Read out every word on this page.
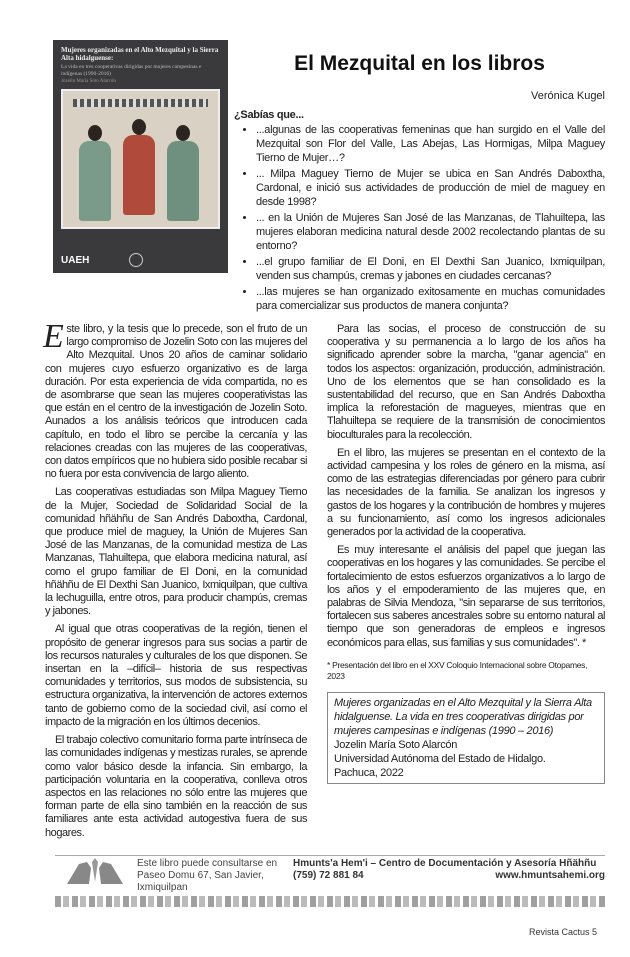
Mujeres organizadas en el Alto Mezquital y la Sierra Alta hidalguense:
La vida en tres cooperativas dirigidas por mujeres campesinas e indígenas (1990-2016)
Jozelin María Soto Alarcón
UAEH
El Mezquital en los libros
Verónica Kugel
¿Sabías que...
• ...algunas de las cooperativas femeninas que han surgido en el Valle del Mezquital son Flor del Valle, Las Abejas, Las Hormigas, Milpa Maguey Tierno de Mujer…?
• ... Milpa Maguey Tierno de Mujer se ubica en San Andrés Daboxtha, Cardonal, e inició sus actividades de producción de miel de maguey en desde 1998?
• ... en la Unión de Mujeres San José de las Manzanas, de Tlahuiltepa, las mujeres elaboran medicina natural desde 2002 recolectando plantas de su entorno?
• ...el grupo familiar de El Doni, en El Dexthi San Juanico, Ixmiquilpan, venden sus champús, cremas y jabones en ciudades cercanas?
• ...las mujeres se han organizado exitosamente en muchas comunidades para comercializar sus productos de manera conjunta?

Este libro, y la tesis que lo precede, son el fruto de un largo compromiso de Jozelin Soto con las mujeres del Alto Mezquital. Unos 20 años de caminar solidario con mujeres cuyo esfuerzo organizativo es de larga duración. Por esta experiencia de vida compartida, no es de asombrarse que sean las mujeres cooperativistas las que están en el centro de la investigación de Jozelin Soto. Aunados a los análisis teóricos que introducen cada capítulo, en todo el libro se percibe la cercanía y las relaciones creadas con las mujeres de las cooperativas, con datos empíricos que no hubiera sido posible recabar si no fuera por esta convivencia de largo aliento.

Las cooperativas estudiadas son Milpa Maguey Tierno de la Mujer, Sociedad de Solidaridad Social de la comunidad hñähñu de San Andrés Daboxtha, Cardonal, que produce miel de maguey, la Unión de Mujeres San José de las Manzanas, de la comunidad mestiza de Las Manzanas, Tlahuiltepa, que elabora medicina natural, así como el grupo familiar de El Doni, en la comunidad hñähñu de El Dexthi San Juanico, Ixmiquilpan, que cultiva la lechuguilla, entre otros, para producir champús, cremas y jabones.

Al igual que otras cooperativas de la región, tienen el propósito de generar ingresos para sus socias a partir de los recursos naturales y culturales de los que disponen. Se insertan en la –difícil– historia de sus respectivas comunidades y territorios, sus modos de subsistencia, su estructura organizativa, la intervención de actores externos tanto de gobierno como de la sociedad civil, así como el impacto de la migración en los últimos decenios.

El trabajo colectivo comunitario forma parte intrínseca de las comunidades indígenas y mestizas rurales, se aprende como valor básico desde la infancia. Sin embargo, la participación voluntaria en la cooperativa, conlleva otros aspectos en las relaciones no sólo entre las mujeres que forman parte de ella sino también en la reacción de sus familiares ante esta actividad autogestiva fuera de sus hogares.

Para las socias, el proceso de construcción de su cooperativa y su permanencia a lo largo de los años ha significado aprender sobre la marcha, "ganar agencia" en todos los aspectos: organización, producción, administración. Uno de los elementos que se han consolidado es la sustentabilidad del recurso, que en San Andrés Daboxtha implica la reforestación de magueyes, mientras que en Tlahuiltepa se requiere de la transmisión de conocimientos bioculturales para la recolección.

En el libro, las mujeres se presentan en el contexto de la actividad campesina y los roles de género en la misma, así como de las estrategias diferenciadas por género para cubrir las necesidades de la familia. Se analizan los ingresos y gastos de los hogares y la contribución de hombres y mujeres a su funcionamiento, así como los ingresos adicionales generados por la actividad de la cooperativa.

Es muy interesante el análisis del papel que juegan las cooperativas en los hogares y las comunidades. Se percibe el fortalecimiento de estos esfuerzos organizativos a lo largo de los años y el empoderamiento de las mujeres que, en palabras de Silvia Mendoza, "sin separarse de sus territorios, fortalecen sus saberes ancestrales sobre su entorno natural al tiempo que son generadoras de empleos e ingresos económicos para ellas, sus familias y sus comunidades". *

* Presentación del libro en el XXV Coloquio Internacional sobre Otopames, 2023
Mujeres organizadas en el Alto Mezquital y la Sierra Alta hidalguense. La vida en tres cooperativas dirigidas por mujeres campesinas e indígenas (1990 – 2016)
Jozelin María Soto Alarcón
Universidad Autónoma del Estado de Hidalgo.
Pachuca, 2022
Este libro puede consultarse en
Paseo Domu 67, San Javier, Ixmiquilpan
Hmunts'a Hem'i – Centro de Documentación y Asesoría Hñähñu
(759) 72 881 84	www.hmuntsahemi.org
Revista Cactus 5
